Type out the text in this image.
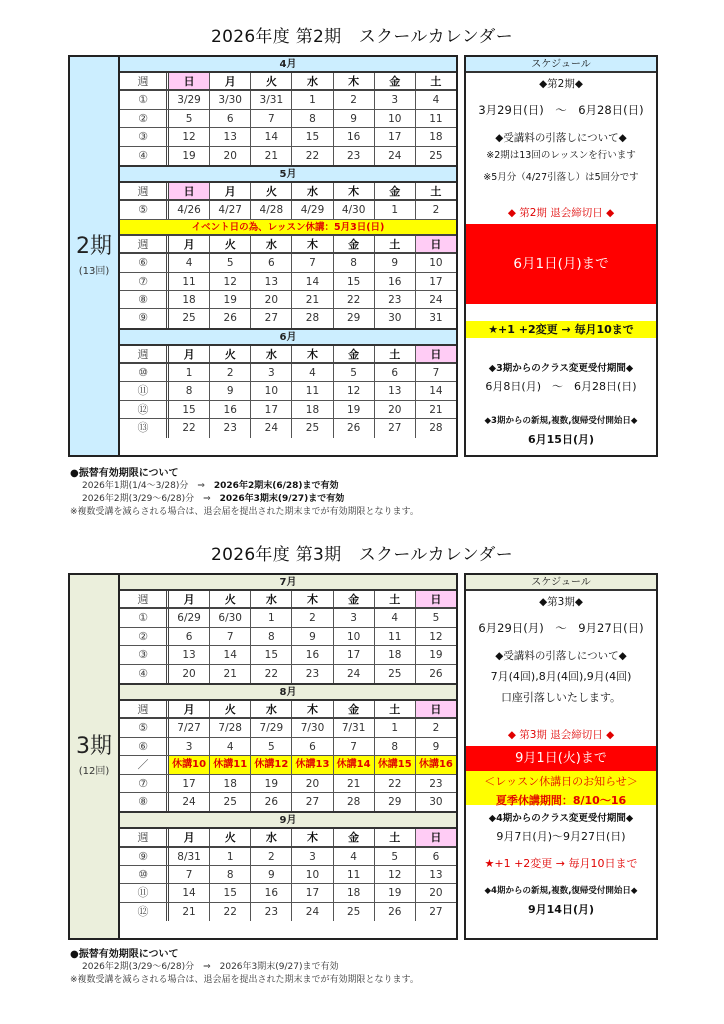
2026年度 第2期　スクールカレンダー
2期
(13回)
4月
週	日	月	火	水	木	金	土
①	3/29	3/30	3/31	1	2	3	4
②	5	6	7	8	9	10	11
③	12	13	14	15	16	17	18
④	19	20	21	22	23	24	25
5月
週	日	月	火	水	木	金	土
⑤	4/26	4/27	4/28	4/29	4/30	1	2
イベント日の為、レッスン休講：5月3日(日)
週	月	火	水	木	金	土	日
⑥	4	5	6	7	8	9	10
⑦	11	12	13	14	15	16	17
⑧	18	19	20	21	22	23	24
⑨	25	26	27	28	29	30	31
6月
週	月	火	水	木	金	土	日
⑩	1	2	3	4	5	6	7
⑪	8	9	10	11	12	13	14
⑫	15	16	17	18	19	20	21
⑬	22	23	24	25	26	27	28
スケジュール
◆第2期◆
3月29日(日)　～　6月28日(日)
◆受講料の引落しについて◆
※2期は13回のレッスンを行います
※5月分（4/27引落し）は5回分です
◆ 第2期 退会締切日 ◆
6月1日(月)まで
★+1 +2変更 → 毎月10まで
◆3期からのクラス変更受付期間◆
6月8日(月)　～　6月28日(日)
◆3期からの新規,複数,復帰受付開始日◆
6月15日(月)
●振替有効期限について
2026年1期(1/4～3/28)分　⇒　2026年2期末(6/28)まで有効
2026年2期(3/29～6/28)分　⇒　2026年3期末(9/27)まで有効
※複数受講を減らされる場合は、退会届を提出された期末までが有効期限となります。
2026年度 第3期　スクールカレンダー
3期
(12回)
7月
週	月	火	水	木	金	土	日
①	6/29	6/30	1	2	3	4	5
②	6	7	8	9	10	11	12
③	13	14	15	16	17	18	19
④	20	21	22	23	24	25	26
8月
週	月	火	水	木	金	土	日
⑤	7/27	7/28	7/29	7/30	7/31	1	2
⑥	3	4	5	6	7	8	9
／	休講10 休講11 休講12 休講13 休講14 休講15 休講16
⑦	17	18	19	20	21	22	23
⑧	24	25	26	27	28	29	30
9月
週	月	火	水	木	金	土	日
⑨	8/31	1	2	3	4	5	6
⑩	7	8	9	10	11	12	13
⑪	14	15	16	17	18	19	20
⑫	21	22	23	24	25	26	27
スケジュール
◆第3期◆
6月29日(月)　～　9月27日(日)
◆受講料の引落しについて◆
7月(4回),8月(4回),9月(4回)
口座引落しいたします。
◆ 第3期 退会締切日 ◆
9月1日(火)まで
＜レッスン休講日のお知らせ＞
夏季休講期間：8/10～16
◆4期からのクラス変更受付期間◆
9月7日(月)～9月27日(日)
★+1 +2変更 → 毎月10日まで
◆4期からの新規,複数,復帰受付開始日◆
9月14日(月)
●振替有効期限について
2026年2期(3/29～6/28)分　⇒　2026年3期末(9/27)まで有効
※複数受講を減らされる場合は、退会届を提出された期末までが有効期限となります。
